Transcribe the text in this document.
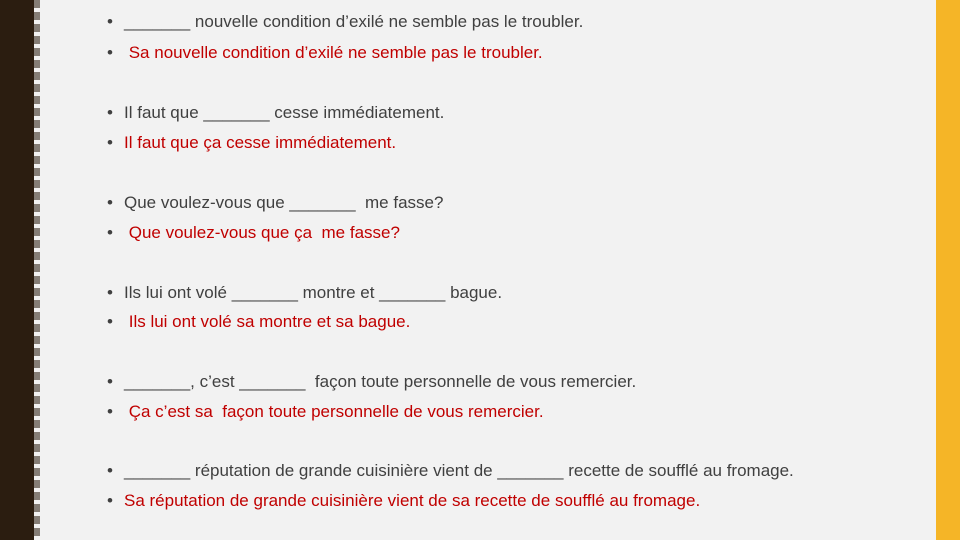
• _______ nouvelle condition d’exilé ne semble pas le troubler.
• Sa nouvelle condition d’exilé ne semble pas le troubler.
• Il faut que _______ cesse immédiatement.
• Il faut que ça cesse immédiatement.
• Que voulez-vous que _______  me fasse?
• Que voulez-vous que ça  me fasse?
• Ils lui ont volé _______ montre et _______ bague.
• Ils lui ont volé sa montre et sa bague.
• _______, c’est _______  façon toute personnelle de vous remercier.
• Ça c’est sa  façon toute personnelle de vous remercier.
• _______ réputation de grande cuisinière vient de _______ recette de soufflé au fromage.
• Sa réputation de grande cuisinière vient de sa recette de soufflé au fromage.
